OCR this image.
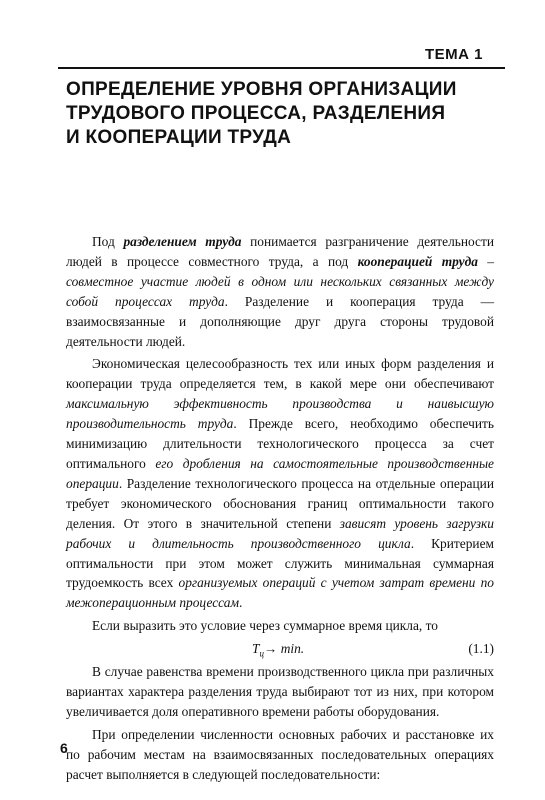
ТЕМА 1
ОПРЕДЕЛЕНИЕ УРОВНЯ ОРГАНИЗАЦИИ
ТРУДОВОГО ПРОЦЕССА, РАЗДЕЛЕНИЯ
И КООПЕРАЦИИ ТРУДА

Под разделением труда понимается разграничение деятельности людей в процессе совместного труда, а под кооперацией труда – совместное участие людей в одном или нескольких связанных между собой процессах труда. Разделение и кооперация труда — взаимосвязанные и дополняющие друг друга стороны трудовой деятельности людей.

Экономическая целесообразность тех или иных форм разделения и кооперации труда определяется тем, в какой мере они обеспечивают максимальную эффективность производства и наивысшую производительность труда. Прежде всего, необходимо обеспечить минимизацию длительности технологического процесса за счет оптимального его дробления на самостоятельные производственные операции. Разделение технологического процесса на отдельные операции требует экономического обоснования границ оптимальности такого деления. От этого в значительной степени зависят уровень загрузки рабочих и длительность производственного цикла. Критерием оптимальности при этом может служить минимальная суммарная трудоемкость всех организуемых операций с учетом затрат времени по межоперационным процессам.

Если выразить это условие через суммарное время цикла, то

$T_ц\to \min$.	(1.1)

В случае равенства времени производственного цикла при различных вариантах характера разделения труда выбирают тот из них, при котором увеличивается доля оперативного времени работы оборудования.

При определении численности основных рабочих и расстановке их по рабочим местам на взаимосвязанных последовательных операциях расчет выполняется в следующей последовательности:

6
